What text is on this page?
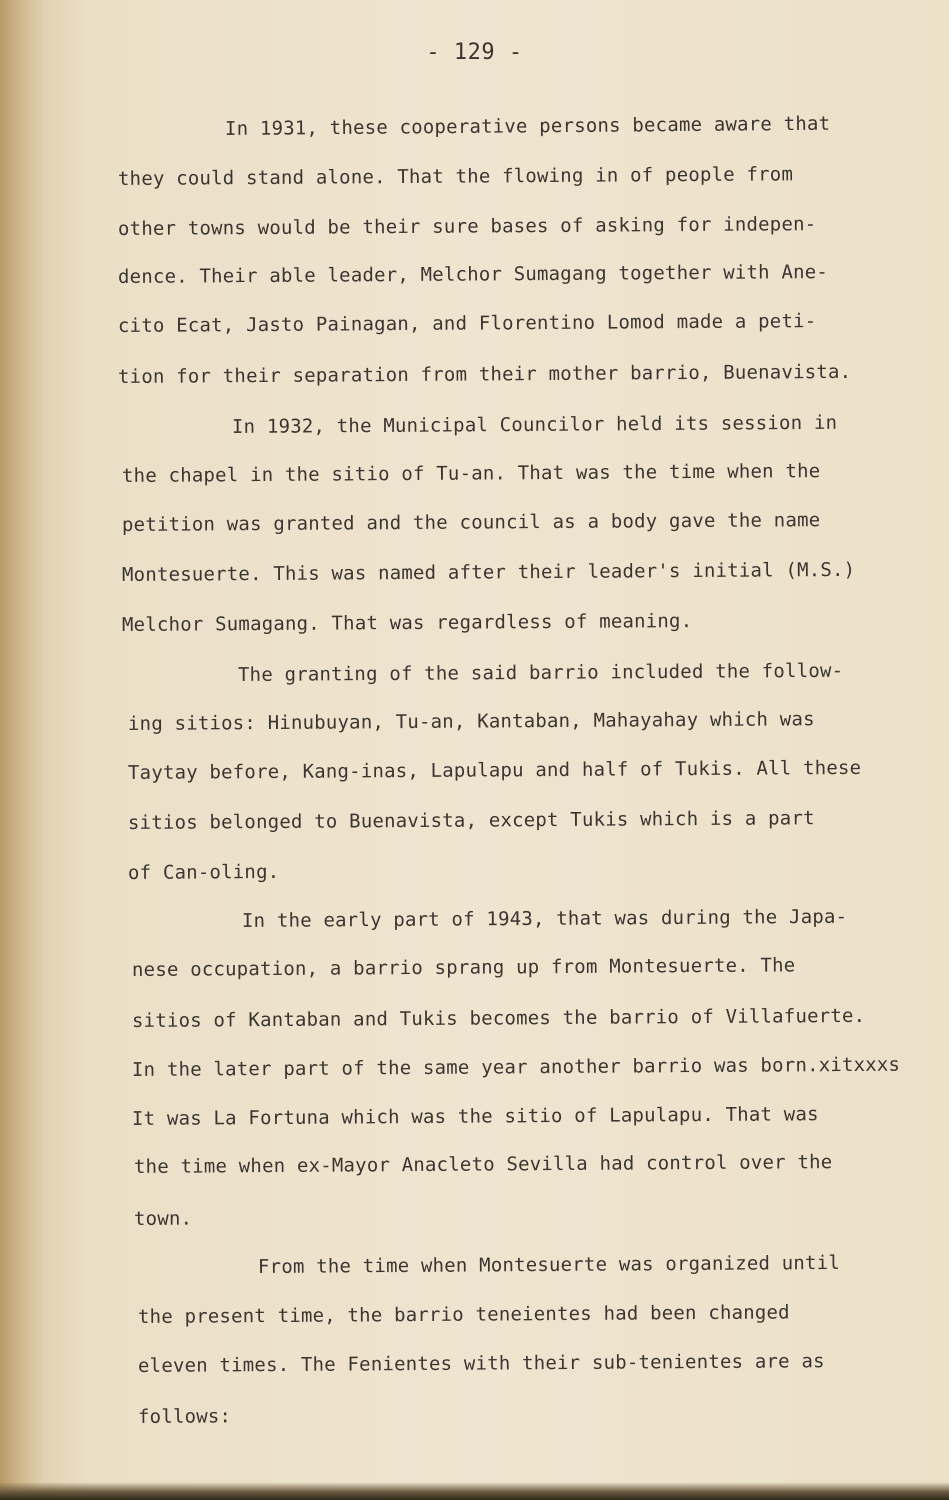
- 129 -
In 1931, these cooperative persons became aware that
they could stand alone. That the flowing in of people from
other towns would be their sure bases of asking for indepen-
dence. Their able leader, Melchor Sumagang together with Ane-
cito Ecat, Jasto Painagan, and Florentino Lomod made a peti-
tion for their separation from their mother barrio, Buenavista.
In 1932, the Municipal Councilor held its session in
the chapel in the sitio of Tu-an. That was the time when the
petition was granted and the council as a body gave the name
Montesuerte. This was named after their leader's initial (M.S.)
Melchor Sumagang. That was regardless of meaning.
The granting of the said barrio included the follow-
ing sitios: Hinubuyan, Tu-an, Kantaban, Mahayahay which was
Taytay before, Kang-inas, Lapulapu and half of Tukis. All these
sitios belonged to Buenavista, except Tukis which is a part
of Can-oling.
In the early part of 1943, that was during the Japa-
nese occupation, a barrio sprang up from Montesuerte. The
sitios of Kantaban and Tukis becomes the barrio of Villafuerte.
In the later part of the same year another barrio was born.xitxxxs
It was La Fortuna which was the sitio of Lapulapu. That was
the time when ex-Mayor Anacleto Sevilla had control over the
town.
From the time when Montesuerte was organized until
the present time, the barrio teneientes had been changed
eleven times. The Fenientes with their sub-tenientes are as
follows:
